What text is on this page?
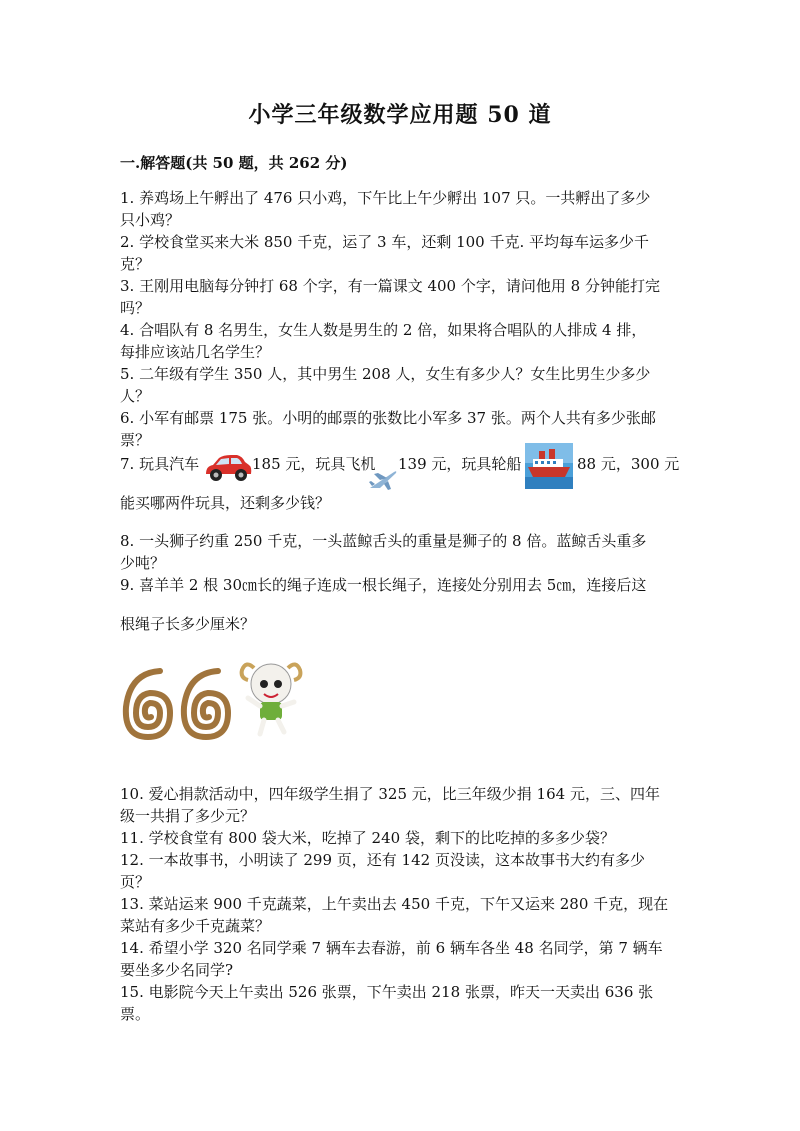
小学三年级数学应用题 50 道
一.解答题(共 50 题，共 262 分)
1. 养鸡场上午孵出了 476 只小鸡，下午比上午少孵出 107 只。一共孵出了多少
只小鸡？
2. 学校食堂买来大米 850 千克，运了 3 车，还剩 100 千克. 平均每车运多少千
克？
3. 王刚用电脑每分钟打 68 个字，有一篇课文 400 个字，请问他用 8 分钟能打完
吗？
4. 合唱队有 8 名男生，女生人数是男生的 2 倍，如果将合唱队的人排成 4 排，
每排应该站几名学生？
5. 二年级有学生 350 人，其中男生 208 人，女生有多少人？女生比男生少多少
人？
6. 小军有邮票 175 张。小明的邮票的张数比小军多 37 张。两个人共有多少张邮
票？
7. 玩具汽车	185 元，玩具飞机 139 元，玩具轮船	88 元，300 元
能买哪两件玩具，还剩多少钱？
8. 一头狮子约重 250 千克，一头蓝鲸舌头的重量是狮子的 8 倍。蓝鲸舌头重多
少吨？
9. 喜羊羊 2 根 30㎝长的绳子连成一根长绳子，连接处分别用去 5㎝，连接后这
根绳子长多少厘米？
10. 爱心捐款活动中，四年级学生捐了 325 元，比三年级少捐 164 元，三、四年
级一共捐了多少元？
11. 学校食堂有 800 袋大米，吃掉了 240 袋，剩下的比吃掉的多多少袋？
12. 一本故事书，小明读了 299 页，还有 142 页没读，这本故事书大约有多少
页？
13. 菜站运来 900 千克蔬菜，上午卖出去 450 千克，下午又运来 280 千克，现在
菜站有多少千克蔬菜？
14. 希望小学 320 名同学乘 7 辆车去春游，前 6 辆车各坐 48 名同学，第 7 辆车
要坐多少名同学?
15. 电影院今天上午卖出 526 张票，下午卖出 218 张票，昨天一天卖出 636 张
票。
